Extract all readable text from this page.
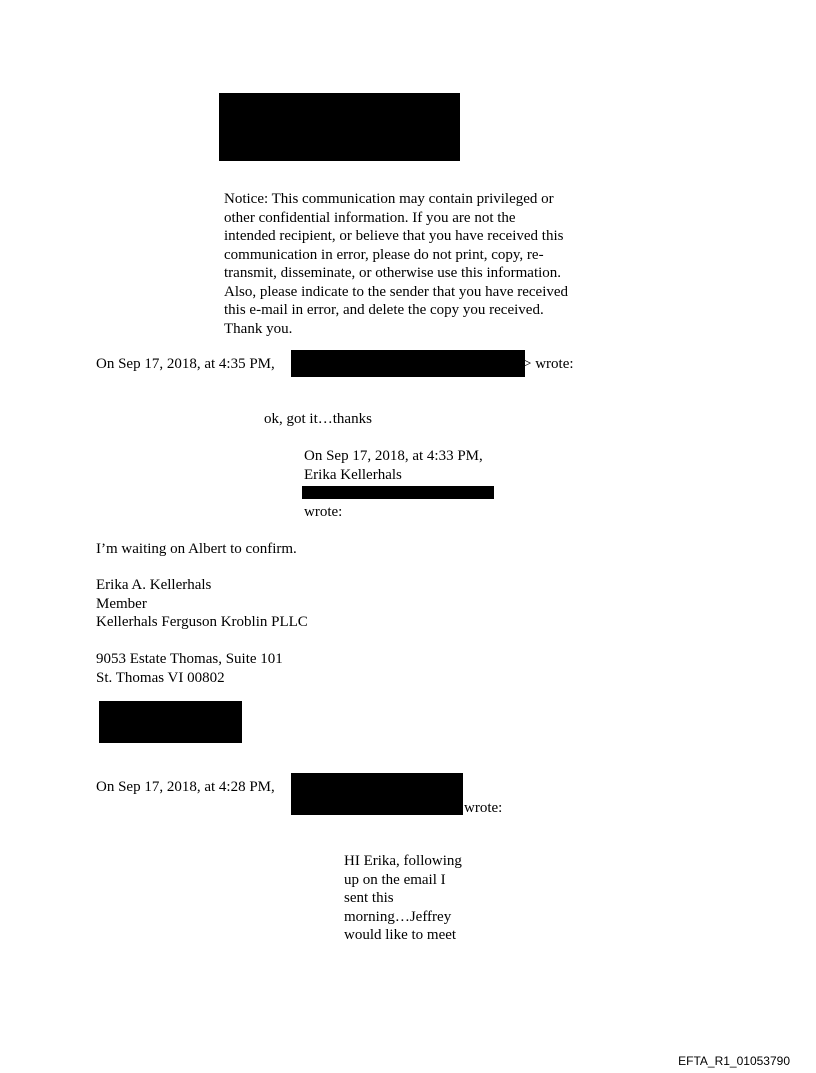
Notice: This communication may contain privileged or
other confidential information. If you are not the
intended recipient, or believe that you have received this
communication in error, please do not print, copy, re-
transmit, disseminate, or otherwise use this information.
Also, please indicate to the sender that you have received
this e-mail in error, and delete the copy you received.
Thank you.
On Sep 17, 2018, at 4:35 PM,	> wrote:
ok, got it…thanks
On Sep 17, 2018, at 4:33 PM,
Erika Kellerhals
wrote:
I’m waiting on Albert to confirm.
Erika A. Kellerhals
Member
Kellerhals Ferguson Kroblin PLLC
9053 Estate Thomas, Suite 101
St. Thomas VI 00802
On Sep 17, 2018, at 4:28 PM,
wrote:
HI Erika, following
up on the email I
sent this
morning…Jeffrey
would like to meet
EFTA_R1_01053790
